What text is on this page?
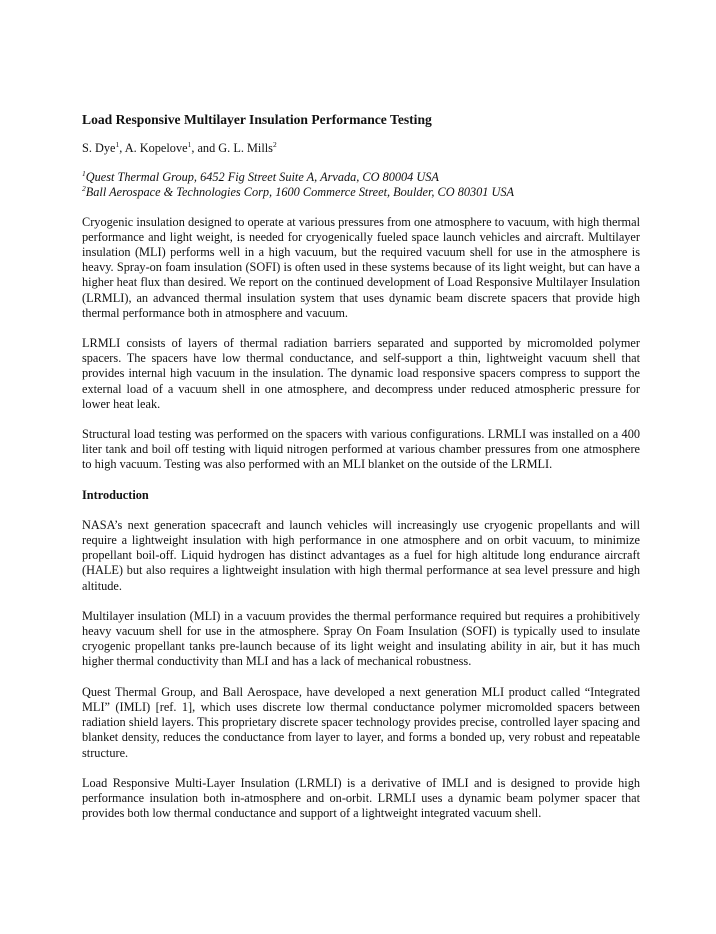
Load Responsive Multilayer Insulation Performance Testing
S. Dye$^1$, A. Kopelove$^1$, and G. L. Mills$^2$

$^1$Quest Thermal Group, 6452 Fig Street Suite A, Arvada, CO 80004 USA

$^2$Ball Aerospace & Technologies Corp, 1600 Commerce Street, Boulder, CO 80301 USA

Cryogenic insulation designed to operate at various pressures from one atmosphere to vacuum, with high thermal performance and light weight, is needed for cryogenically fueled space launch vehicles and aircraft. Multilayer insulation (MLI) performs well in a high vacuum, but the required vacuum shell for use in the atmosphere is heavy. Spray-on foam insulation (SOFI) is often used in these systems because of its light weight, but can have a higher heat flux than desired. We report on the continued development of Load Responsive Multilayer Insulation (LRMLI), an advanced thermal insulation system that uses dynamic beam discrete spacers that provide high thermal performance both in atmosphere and vacuum.

LRMLI consists of layers of thermal radiation barriers separated and supported by micromolded polymer spacers. The spacers have low thermal conductance, and self-support a thin, lightweight vacuum shell that provides internal high vacuum in the insulation. The dynamic load responsive spacers compress to support the external load of a vacuum shell in one atmosphere, and decompress under reduced atmospheric pressure for lower heat leak.

Structural load testing was performed on the spacers with various configurations. LRMLI was installed on a 400 liter tank and boil off testing with liquid nitrogen performed at various chamber pressures from one atmosphere to high vacuum. Testing was also performed with an MLI blanket on the outside of the LRMLI.

Introduction

NASA’s next generation spacecraft and launch vehicles will increasingly use cryogenic propellants and will require a lightweight insulation with high performance in one atmosphere and on orbit vacuum, to minimize propellant boil-off. Liquid hydrogen has distinct advantages as a fuel for high altitude long endurance aircraft (HALE) but also requires a lightweight insulation with high thermal performance at sea level pressure and high altitude.

Multilayer insulation (MLI) in a vacuum provides the thermal performance required but requires a prohibitively heavy vacuum shell for use in the atmosphere. Spray On Foam Insulation (SOFI) is typically used to insulate cryogenic propellant tanks pre-launch because of its light weight and insulating ability in air, but it has much higher thermal conductivity than MLI and has a lack of mechanical robustness.

Quest Thermal Group, and Ball Aerospace, have developed a next generation MLI product called “Integrated MLI” (IMLI) [ref. 1], which uses discrete low thermal conductance polymer micromolded spacers between radiation shield layers. This proprietary discrete spacer technology provides precise, controlled layer spacing and blanket density, reduces the conductance from layer to layer, and forms a bonded up, very robust and repeatable structure.

Load Responsive Multi-Layer Insulation (LRMLI) is a derivative of IMLI and is designed to provide high performance insulation both in-atmosphere and on-orbit. LRMLI uses a dynamic beam polymer spacer that provides both low thermal conductance and support of a lightweight integrated vacuum shell.
